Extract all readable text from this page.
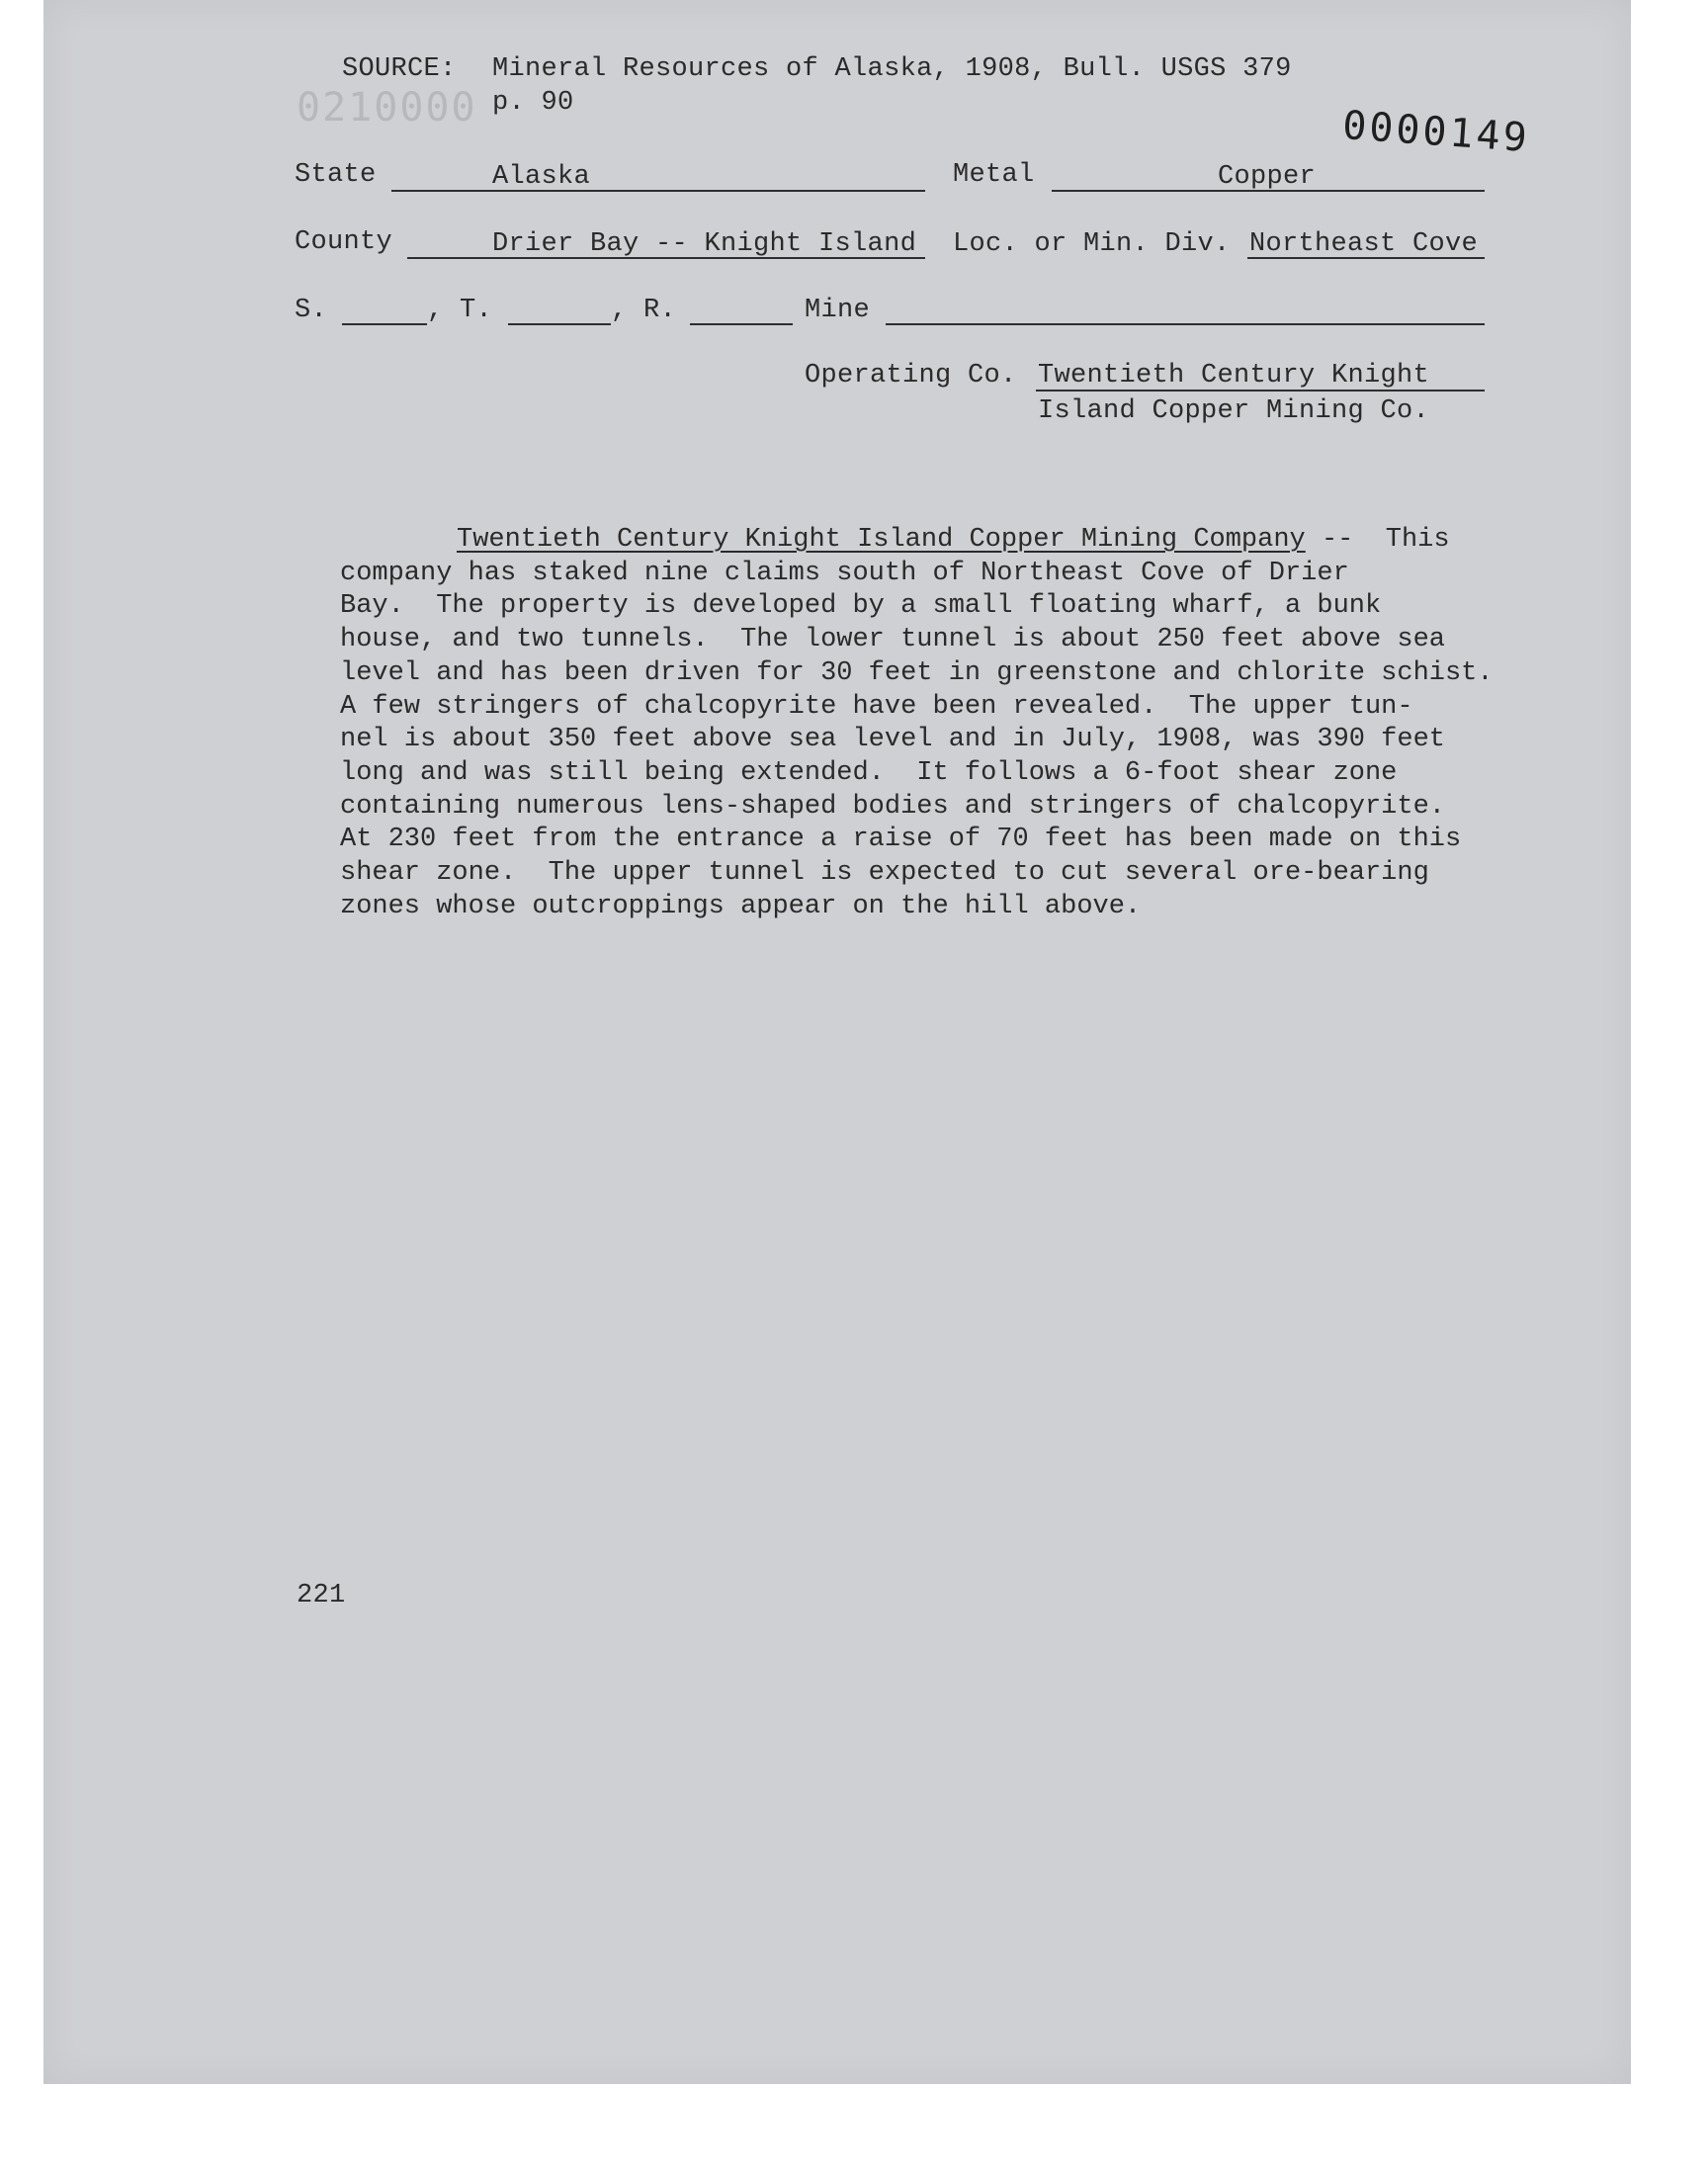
0210000	0000149
SOURCE: Mineral Resources of Alaska, 1908, Bull. USGS 379
p. 90
State	Alaska	Metal	Copper
County	Drier Bay -- Knight Island Loc. or Min. Div. Northeast Cove
S.	, T.	, R.	Mine
Operating Co. Twentieth Century Knight
Island Copper Mining Co.
Twentieth Century Knight Island Copper Mining Company --  This
company has staked nine claims south of Northeast Cove of Drier
Bay.  The property is developed by a small floating wharf, a bunk
house, and two tunnels.  The lower tunnel is about 250 feet above sea
level and has been driven for 30 feet in greenstone and chlorite schist.
A few stringers of chalcopyrite have been revealed.  The upper tun-
nel is about 350 feet above sea level and in July, 1908, was 390 feet
long and was still being extended.  It follows a 6-foot shear zone
containing numerous lens-shaped bodies and stringers of chalcopyrite.
At 230 feet from the entrance a raise of 70 feet has been made on this
shear zone.  The upper tunnel is expected to cut several ore-bearing
zones whose outcroppings appear on the hill above.
221
